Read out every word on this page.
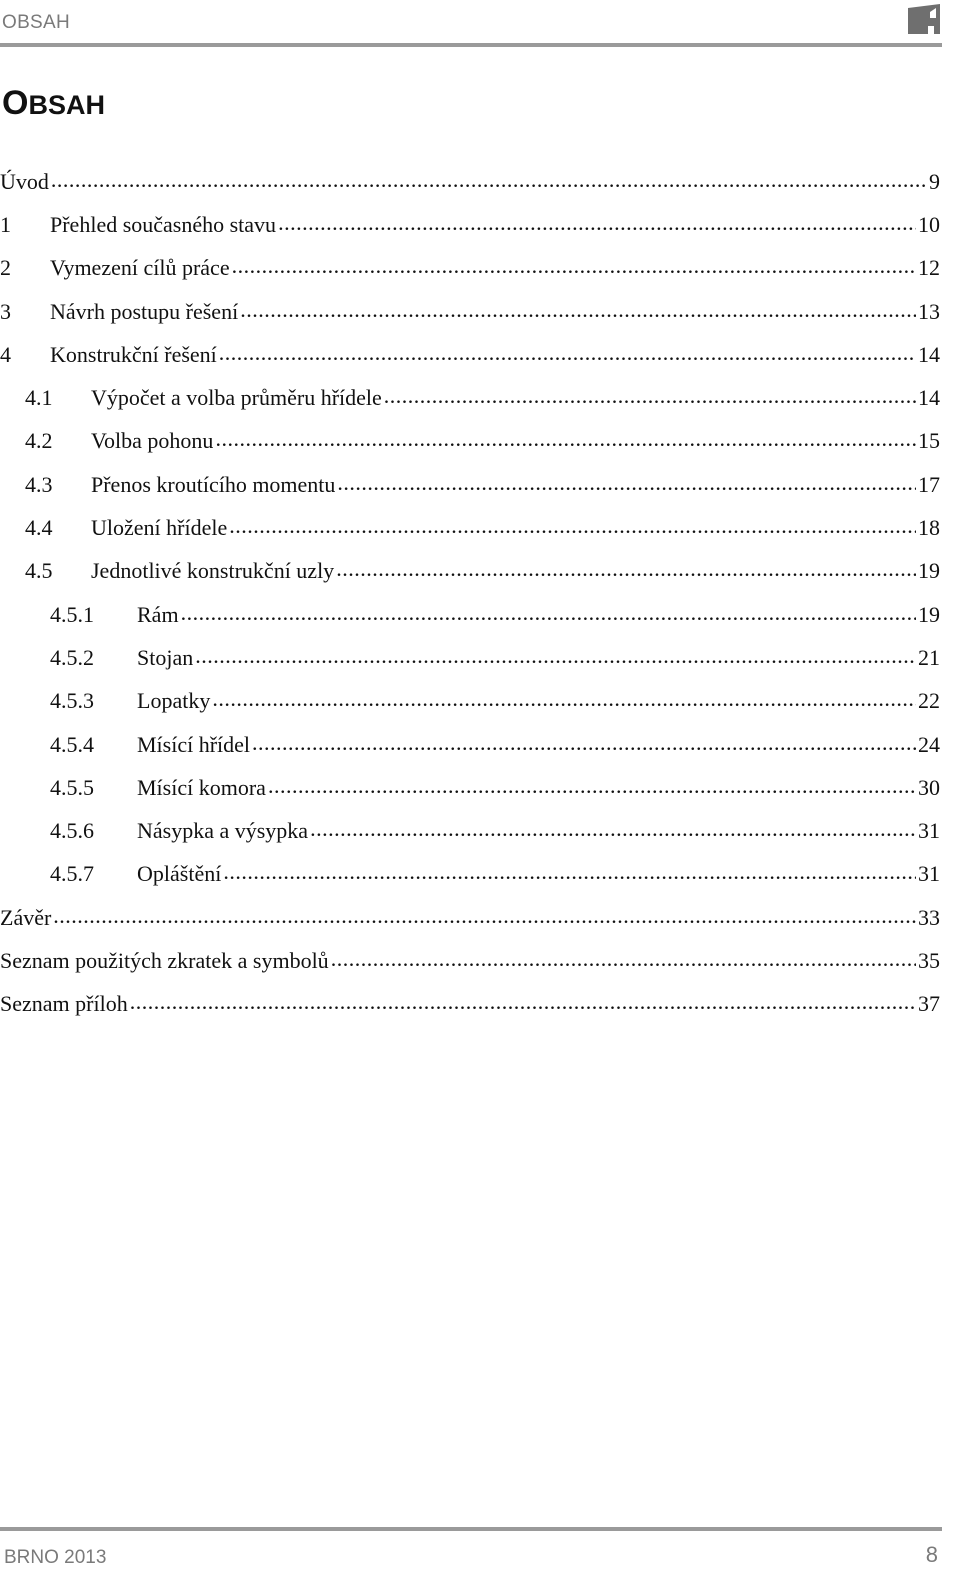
OBSAH
OBSAH
Úvod .....	9
1	Přehled současného stavu .....	10
2	Vymezení cílů práce .....	12
3	Návrh postupu řešení .....	13
4	Konstrukční řešení .....	14
4.1	Výpočet a volba průměru hřídele .....	14
4.2	Volba pohonu .....	15
4.3	Přenos kroutícího momentu .....	17
4.4	Uložení hřídele .....	18
4.5	Jednotlivé konstrukční uzly .....	19
4.5.1	Rám .....	19
4.5.2	Stojan .....	21
4.5.3	Lopatky .....	22
4.5.4	Mísící hřídel .....	24
4.5.5	Mísící komora .....	30
4.5.6	Násypka a výsypka .....	31
4.5.7	Opláštění .....	31
Závěr .....	33
Seznam použitých zkratek a symbolů .....	35
Seznam příloh .....	37
BRNO 2013	8
